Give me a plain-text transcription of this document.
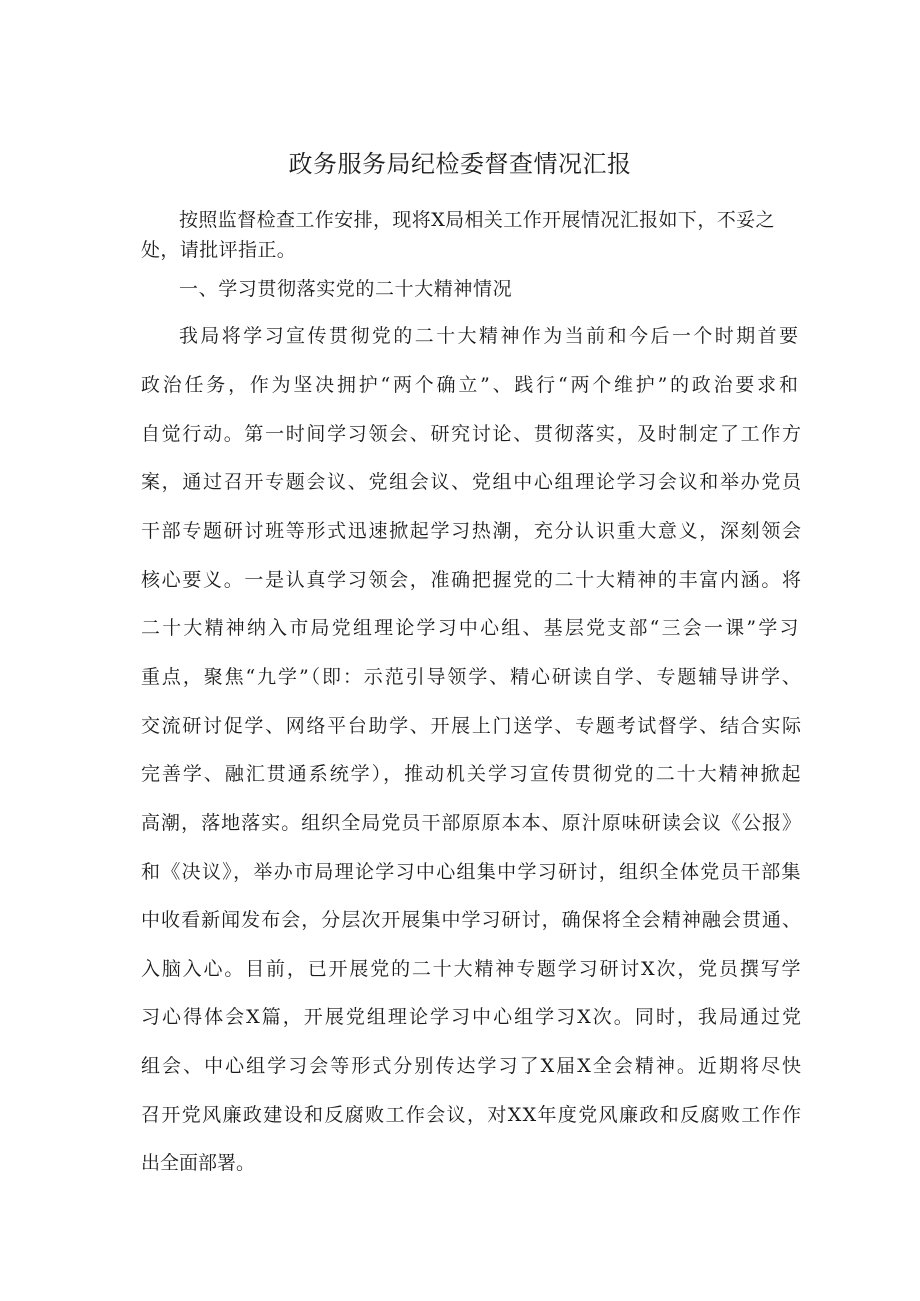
政务服务局纪检委督查情况汇报

按照监督检查工作安排，现将X局相关工作开展情况汇报如下，不妥之处，请批评指正。

一、学习贯彻落实党的二十大精神情况

我局将学习宣传贯彻党的二十大精神作为当前和今后一个时期首要

政治任务，作为坚决拥护“两个确立”、践行“两个维护”的政治要求和

自觉行动。第一时间学习领会、研究讨论、贯彻落实，及时制定了工作方

案，通过召开专题会议、党组会议、党组中心组理论学习会议和举办党员

干部专题研讨班等形式迅速掀起学习热潮，充分认识重大意义，深刻领会

核心要义。一是认真学习领会，准确把握党的二十大精神的丰富内涵。将

二十大精神纳入市局党组理论学习中心组、基层党支部“三会一课”学习

重点，聚焦“九学”（即：示范引导领学、精心研读自学、专题辅导讲学、

交流研讨促学、网络平台助学、开展上门送学、专题考试督学、结合实际

完善学、融汇贯通系统学），推动机关学习宣传贯彻党的二十大精神掀起

高潮，落地落实。组织全局党员干部原原本本、原汁原味研读会议《公报》

和《决议》，举办市局理论学习中心组集中学习研讨，组织全体党员干部集

中收看新闻发布会，分层次开展集中学习研讨，确保将全会精神融会贯通、

入脑入心。目前，已开展党的二十大精神专题学习研讨X次，党员撰写学

习心得体会X篇，开展党组理论学习中心组学习X次。同时，我局通过党

组会、中心组学习会等形式分别传达学习了X届X全会精神。近期将尽快

召开党风廉政建设和反腐败工作会议，对XX年度党风廉政和反腐败工作作

出全面部署。
